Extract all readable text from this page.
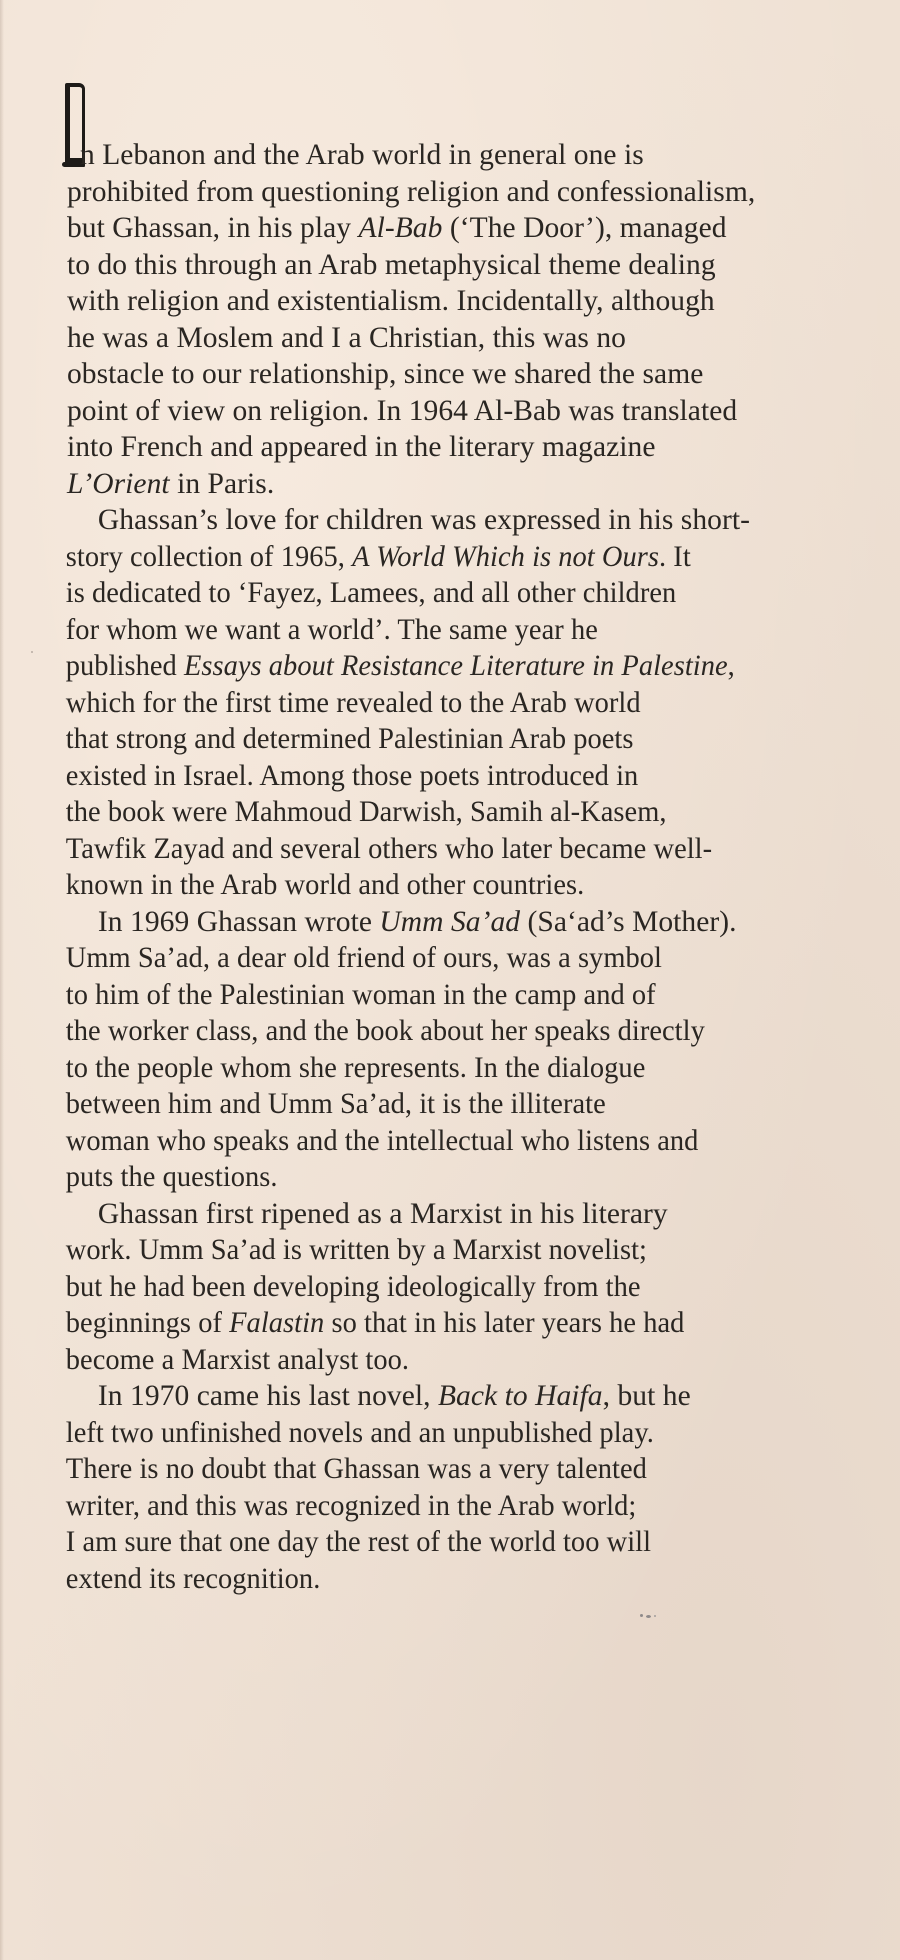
n Lebanon and the Arab world in general one is
prohibited from questioning religion and confessionalism,
but Ghassan, in his play Al-Bab (‘The Door’), managed
to do this through an Arab metaphysical theme dealing
with religion and existentialism. Incidentally, although
he was a Moslem and I a Christian, this was no
obstacle to our relationship, since we shared the same
point of view on religion. In 1964 Al-Bab was translated
into French and appeared in the literary magazine
L’Orient in Paris.

Ghassan’s love for children was expressed in his short-
story collection of 1965, A World Which is not Ours. It
is dedicated to ‘Fayez, Lamees, and all other children
for whom we want a world’. The same year he
published Essays about Resistance Literature in Palestine,
which for the first time revealed to the Arab world
that strong and determined Palestinian Arab poets
existed in Israel. Among those poets introduced in
the book were Mahmoud Darwish, Samih al-Kasem,
Tawfik Zayad and several others who later became well-
known in the Arab world and other countries.

In 1969 Ghassan wrote Umm Sa’ad (Sa‘ad’s Mother).
Umm Sa’ad, a dear old friend of ours, was a symbol
to him of the Palestinian woman in the camp and of
the worker class, and the book about her speaks directly
to the people whom she represents. In the dialogue
between him and Umm Sa’ad, it is the illiterate
woman who speaks and the intellectual who listens and
puts the questions.

Ghassan first ripened as a Marxist in his literary
work. Umm Sa’ad is written by a Marxist novelist;
but he had been developing ideologically from the
beginnings of Falastin so that in his later years he had
become a Marxist analyst too.

In 1970 came his last novel, Back to Haifa, but he
left two unfinished novels and an unpublished play.
There is no doubt that Ghassan was a very talented
writer, and this was recognized in the Arab world;
I am sure that one day the rest of the world too will
extend its recognition.
